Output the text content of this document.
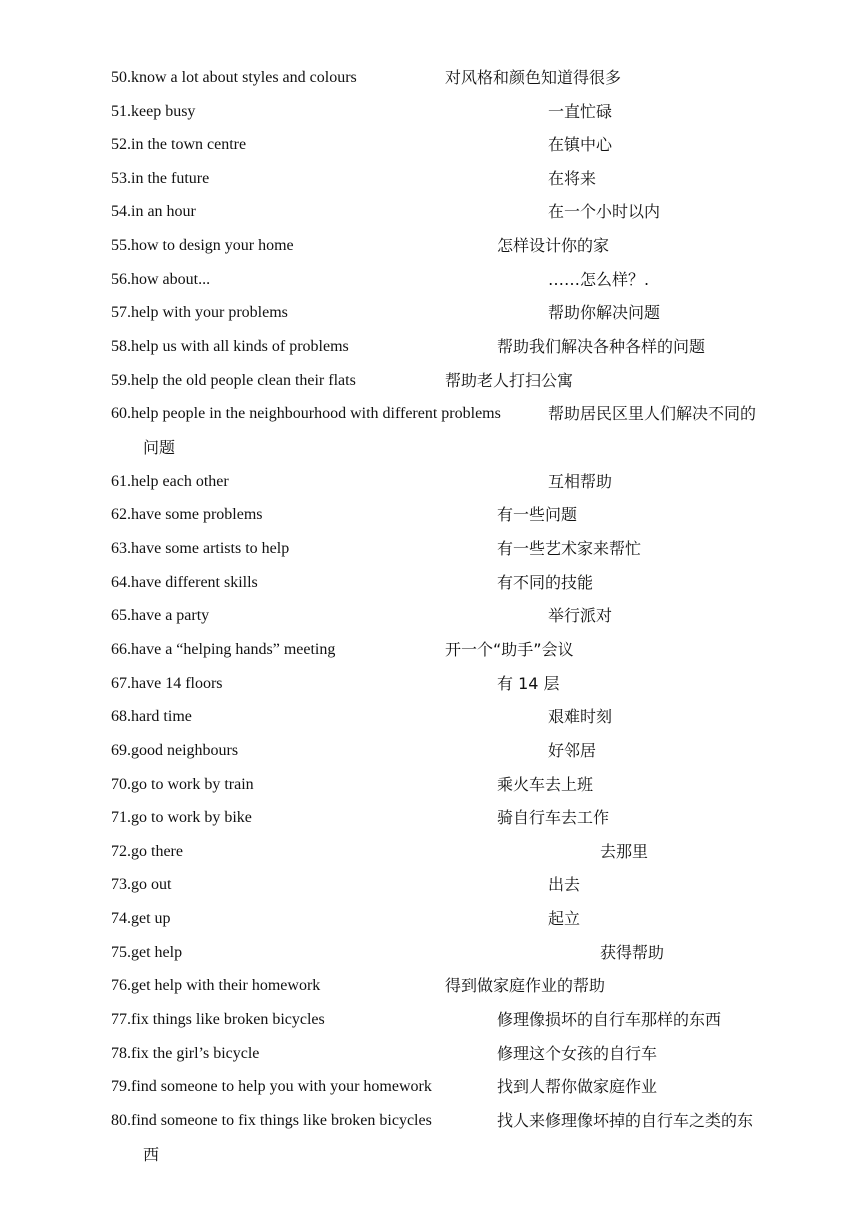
50.know a lot about styles and colours	对风格和颜色知道得很多
51.keep busy	一直忙碌
52.in the town centre	在镇中心
53.in the future	在将来
54.in an hour	在一个小时以内
55.how to design your home	怎样设计你的家
56.how about...	……怎么样？.
57.help with your problems	帮助你解决问题
58.help us with all kinds of problems	帮助我们解决各种各样的问题
59.help the old people clean their flats	帮助老人打扫公寓
60.help people in the neighbourhood with different problems	帮助居民区里人们解决不同的
问题
61.help each other	互相帮助
62.have some problems	有一些问题
63.have some artists to help	有一些艺术家来帮忙
64.have different skills	有不同的技能
65.have a party	举行派对
66.have a “helping hands” meeting	开一个“助手”会议
67.have 14 floors	有 14 层
68.hard time	艰难时刻
69.good neighbours	好邻居
70.go to work by train	乘火车去上班
71.go to work by bike	骑自行车去工作
72.go there	去那里
73.go out	出去
74.get up	起立
75.get help	获得帮助
76.get help with their homework	得到做家庭作业的帮助
77.fix things like broken bicycles	修理像损坏的自行车那样的东西
78.fix the girl’s bicycle	修理这个女孩的自行车
79.find someone to help you with your homework	找到人帮你做家庭作业
80.find someone to fix things like broken bicycles	找人来修理像坏掉的自行车之类的东
西
